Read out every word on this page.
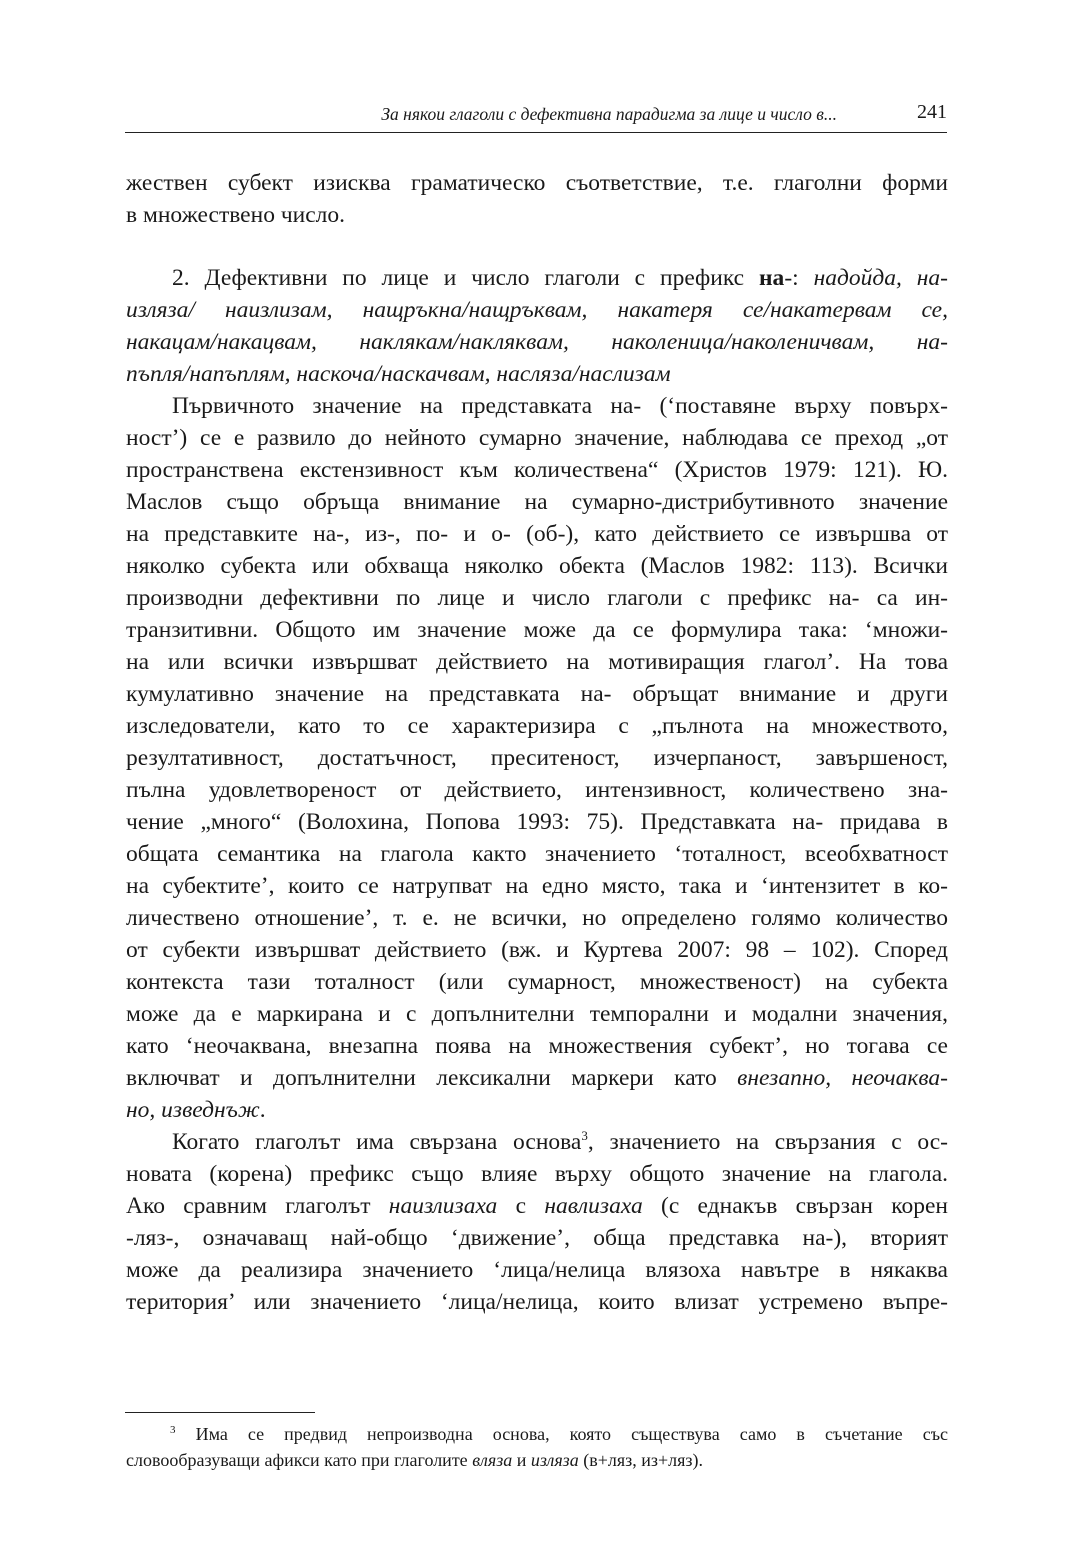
За някои глаголи с дефективна парадигма за лице и число в...	241
жествен субект изисква граматическо съответствие, т.е. глаголни форми
в множествено число.
2. Дефективни по лице и число глаголи с префикс на-: надойда, на-
изляза/ наизлизам, нащръкна/нащръквам, накатеря се/накатервам се,
накацам/накацвам, наклякам/накляквам, наколеница/наколеничвам, на-
пъпля/напъплям, наскоча/наскачвам, насляза/наслизам
Първичното значение на представката на- (‘поставяне върху повърх-
ност’) се е развило до нейното сумарно значение, наблюдава се преход „от
пространствена екстензивност към количествена“ (Христов 1979: 121). Ю.
Маслов също обръща внимание на сумарно-дистрибутивното значение
на представките на-, из-, по- и о- (об-), като действието се извършва от
няколко субекта или обхваща няколко обекта (Маслов 1982: 113). Всички
производни дефективни по лице и число глаголи с префикс на- са ин-
транзитивни. Общото им значение може да се формулира така: ‘множи-
на или всички извършват действието на мотивиращия глагол’. На това
кумулативно значение на представката на- обръщат внимание и други
изследователи, като то се характеризира с „пълнота на множеството,
резултативност, достатъчност, преситеност, изчерпаност, завършеност,
пълна удовлетвореност от действието, интензивност, количествено зна-
чение „много“ (Волохина, Попова 1993: 75). Представката на- придава в
общата семантика на глагола както значението ‘тоталност, всеобхватност
на субектите’, които се натрупват на едно място, така и ‘интензитет в ко-
личествено отношение’, т. е. не всички, но определено голямо количество
от субекти извършват действието (вж. и Куртева 2007: 98 – 102). Според
контекста тази тоталност (или сумарност, множественост) на субекта
може да е маркирана и с допълнителни темпорални и модални значения,
като ‘неочаквана, внезапна поява на множествения субект’, но тогава се
включват и допълнителни лексикални маркери като внезапно, неочаква-
но, изведнъж.
Когато глаголът има свързана основа$^3$, значението на свързания с ос-
новата (корена) префикс също влияе върху общото значение на глагола.
Ако сравним глаголът наизлизаха с навлизаха (с еднакъв свързан корен
-ляз-, означаващ най-общо ‘движение’, обща представка на-), вторият
може да реализира значението ‘лица/нелица влязоха навътре в някаква
територия’ или значението ‘лица/нелица, които влизат устремено въпре-
$^3$ Има се предвид непроизводна основа, която съществува само в съчетание със
словообразуващи афикси като при глаголите вляза и изляза (в+ляз, из+ляз).
